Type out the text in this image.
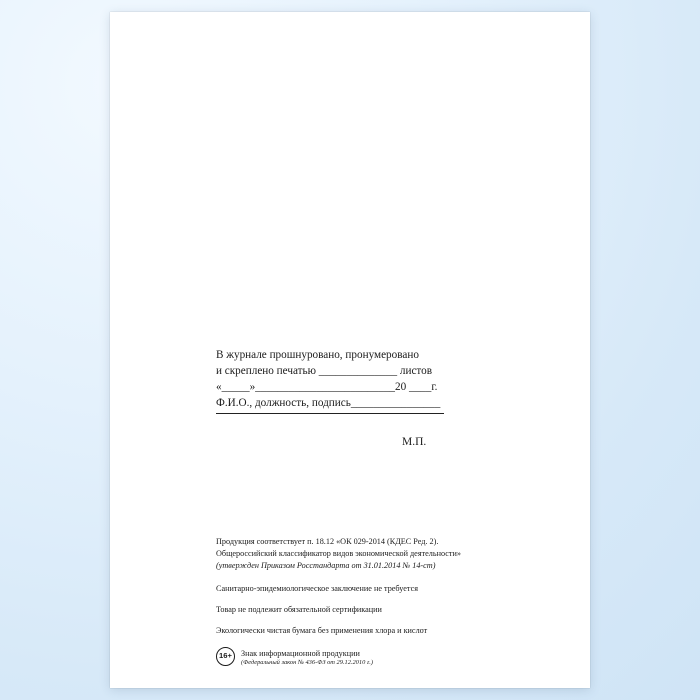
В журнале прошнуровано, пронумеровано
и скреплено печатью ______________ листов
«_____»_________________________20 ____г.
Ф.И.О., должность, подпись________________
М.П.
Продукция соответствует п. 18.12 «ОК 029-2014 (КДЕС Ред. 2).
Общероссийский классификатор видов экономической деятельности»
(утвержден Приказом Росстандарта от 31.01.2014 № 14-ст)
Санитарно-эпидемиологическое заключение не требуется
Товар не подлежит обязательной сертификации
Экологически чистая бумага без применения хлора и кислот
16+	Знак информационной продукции
(Федеральный закон № 436-ФЗ от 29.12.2010 г.)
